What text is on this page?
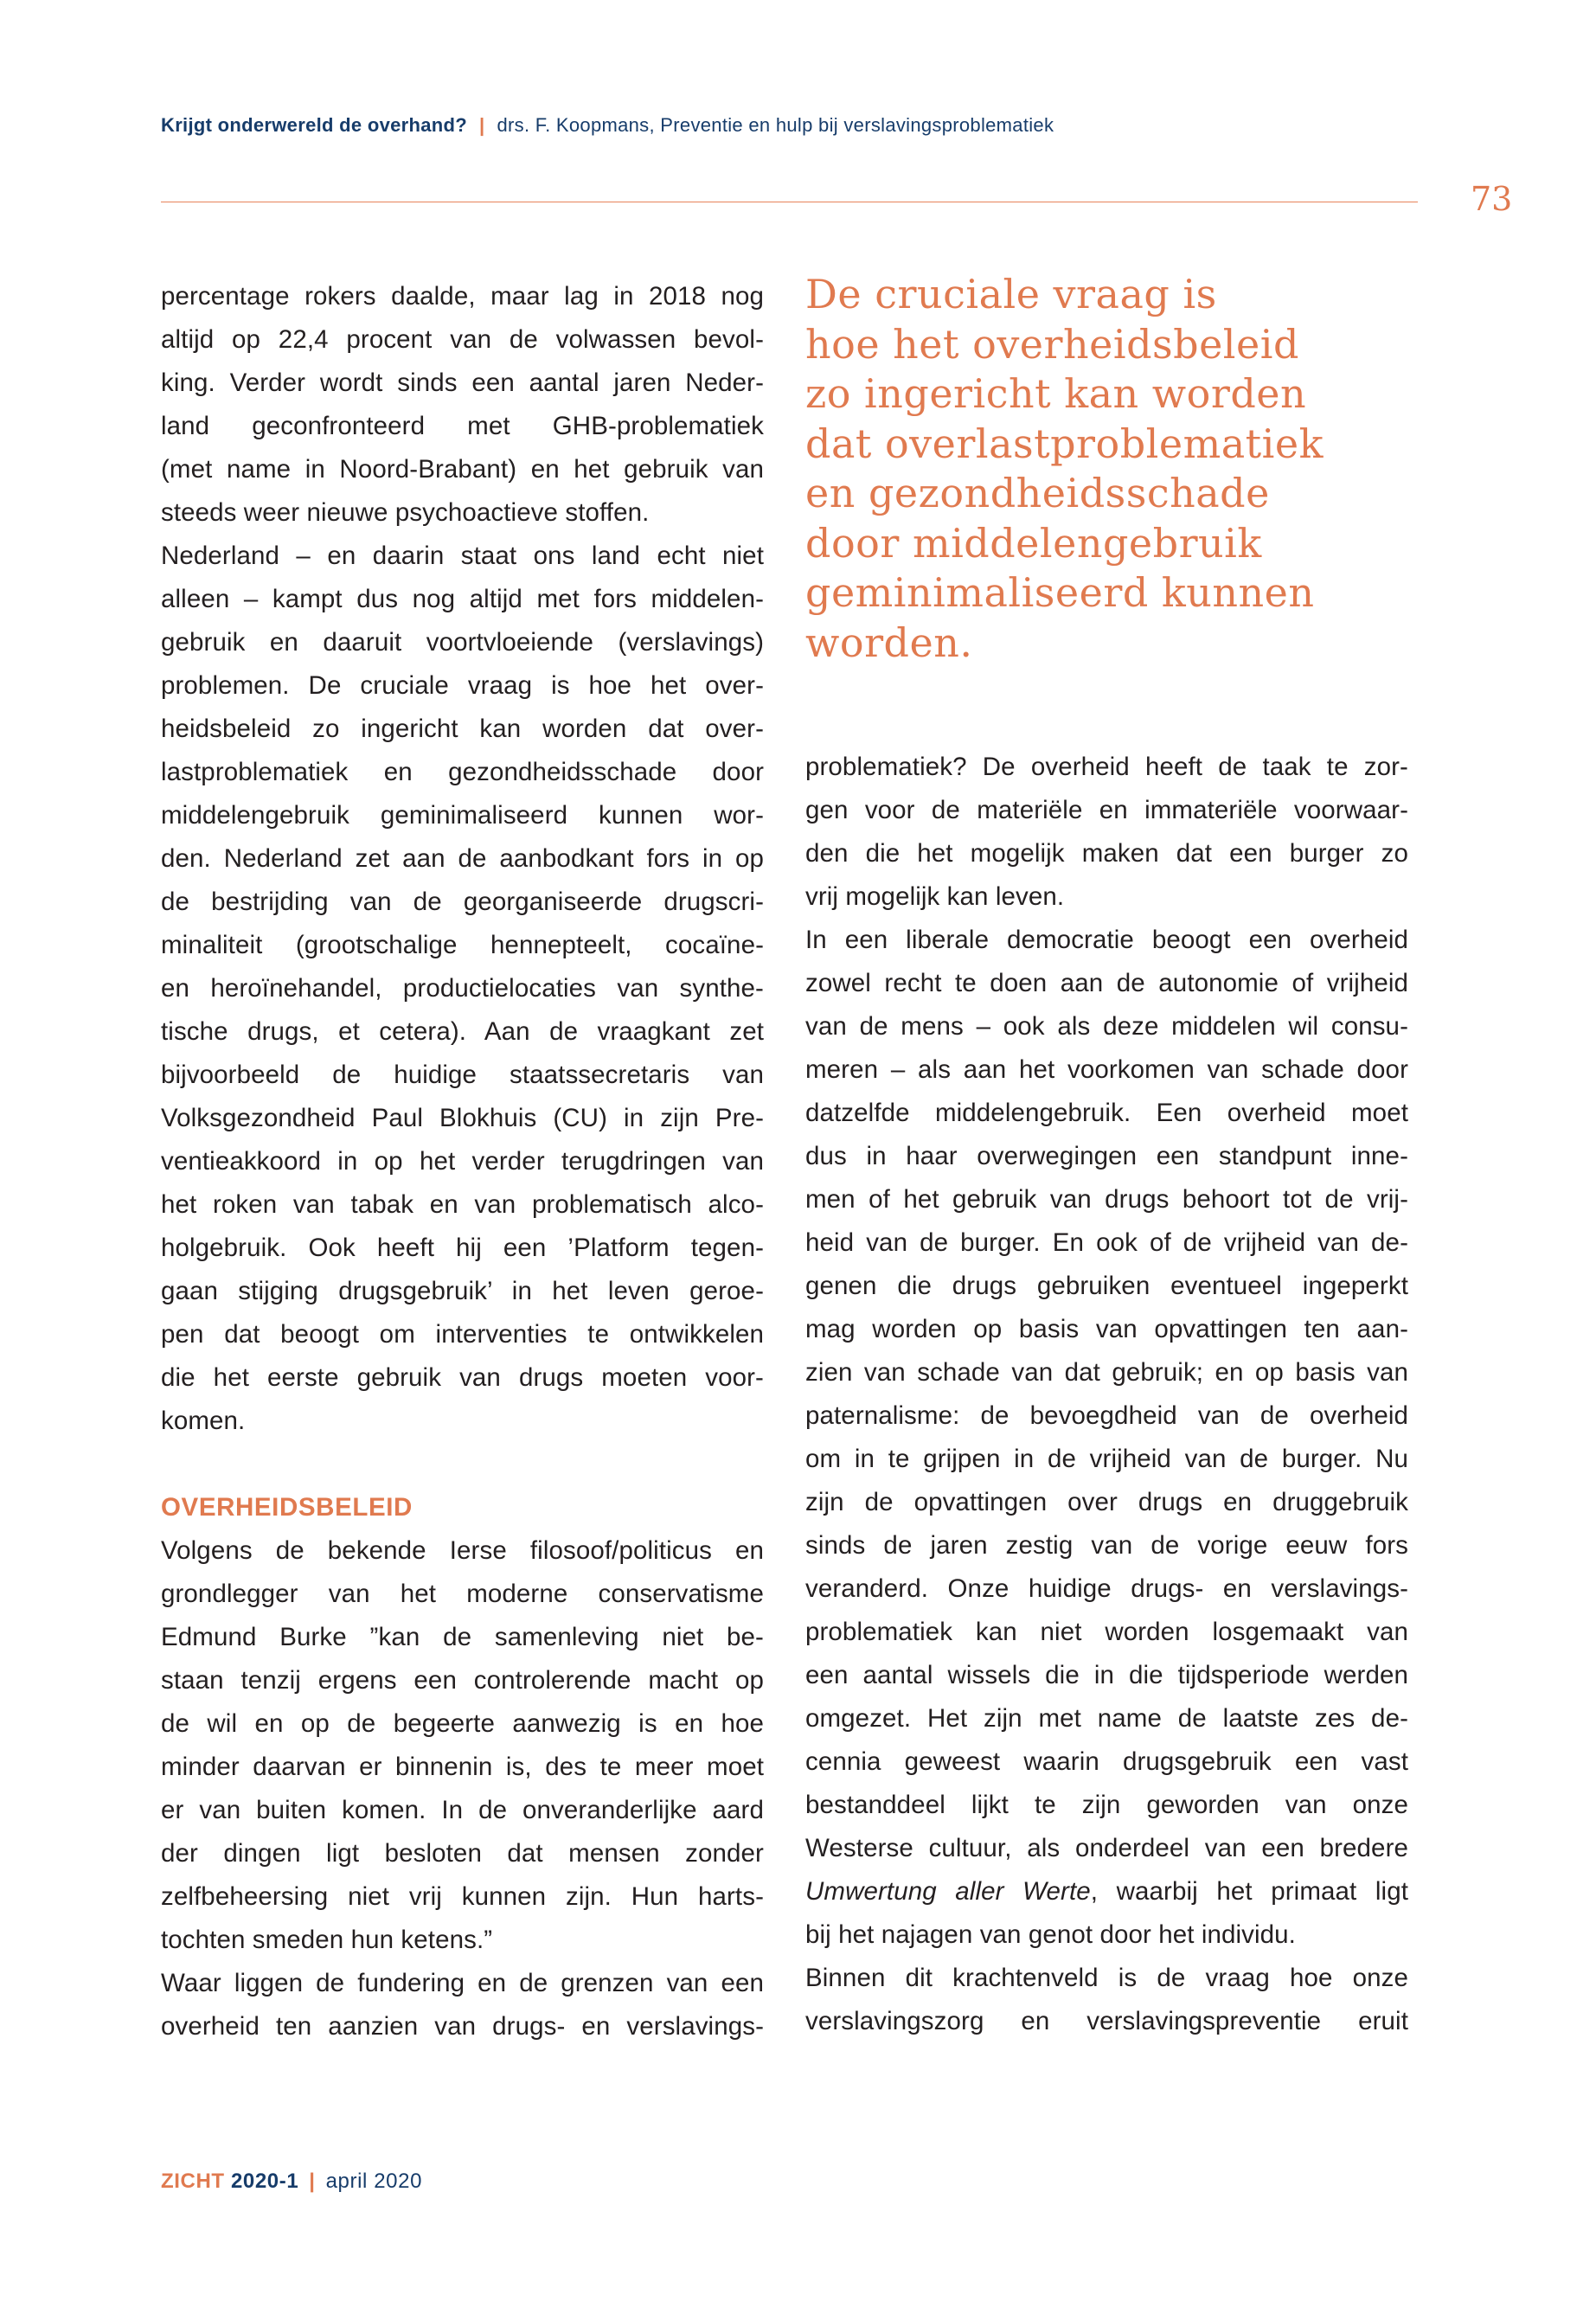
Krijgt onderwereld de overhand? | drs. F. Koopmans, Preventie en hulp bij verslavingsproblematiek
73
percentage rokers daalde, maar lag in 2018 nog
altijd op 22,4 procent van de volwassen bevol-
king. Verder wordt sinds een aantal jaren Neder-
land geconfronteerd met GHB-problematiek
(met name in Noord-Brabant) en het gebruik van
steeds weer nieuwe psychoactieve stoffen.
Nederland – en daarin staat ons land echt niet
alleen – kampt dus nog altijd met fors middelen-
gebruik en daaruit voortvloeiende (verslavings)
problemen. De cruciale vraag is hoe het over-
heidsbeleid zo ingericht kan worden dat over-
lastproblematiek en gezondheidsschade door
middelengebruik geminimaliseerd kunnen wor-
den. Nederland zet aan de aanbodkant fors in op
de bestrijding van de georganiseerde drugscri-
minaliteit (grootschalige hennepteelt, cocaïne-
en heroïnehandel, productielocaties van synthe-
tische drugs, et cetera). Aan de vraagkant zet
bijvoorbeeld de huidige staatssecretaris van
Volksgezondheid Paul Blokhuis (CU) in zijn Pre-
ventieakkoord in op het verder terugdringen van
het roken van tabak en van problematisch alco-
holgebruik. Ook heeft hij een ’Platform tegen-
gaan stijging drugsgebruik’ in het leven geroe-
pen dat beoogt om interventies te ontwikkelen
die het eerste gebruik van drugs moeten voor-
komen.
OVERHEIDSBELEID
Volgens de bekende Ierse filosoof/politicus en
grondlegger van het moderne conservatisme
Edmund Burke ”kan de samenleving niet be-
staan tenzij ergens een controlerende macht op
de wil en op de begeerte aanwezig is en hoe
minder daarvan er binnenin is, des te meer moet
er van buiten komen. In de onveranderlijke aard
der dingen ligt besloten dat mensen zonder
zelfbeheersing niet vrij kunnen zijn. Hun harts-
tochten smeden hun ketens.”
Waar liggen de fundering en de grenzen van een
overheid ten aanzien van drugs- en verslavings-
De cruciale vraag is
hoe het overheidsbeleid
zo ingericht kan worden
dat overlastproblematiek
en gezondheidsschade
door middelengebruik
geminimaliseerd kunnen
worden.
problematiek? De overheid heeft de taak te zor-
gen voor de materiële en immateriële voorwaar-
den die het mogelijk maken dat een burger zo
vrij mogelijk kan leven.
In een liberale democratie beoogt een overheid
zowel recht te doen aan de autonomie of vrijheid
van de mens – ook als deze middelen wil consu-
meren – als aan het voorkomen van schade door
datzelfde middelengebruik. Een overheid moet
dus in haar overwegingen een standpunt inne-
men of het gebruik van drugs behoort tot de vrij-
heid van de burger. En ook of de vrijheid van de-
genen die drugs gebruiken eventueel ingeperkt
mag worden op basis van opvattingen ten aan-
zien van schade van dat gebruik; en op basis van
paternalisme: de bevoegdheid van de overheid
om in te grijpen in de vrijheid van de burger. Nu
zijn de opvattingen over drugs en druggebruik
sinds de jaren zestig van de vorige eeuw fors
veranderd. Onze huidige drugs- en verslavings-
problematiek kan niet worden losgemaakt van
een aantal wissels die in die tijdsperiode werden
omgezet. Het zijn met name de laatste zes de-
cennia geweest waarin drugsgebruik een vast
bestanddeel lijkt te zijn geworden van onze
Westerse cultuur, als onderdeel van een bredere
Umwertung aller Werte, waarbij het primaat ligt
bij het najagen van genot door het individu.
Binnen dit krachtenveld is de vraag hoe onze
verslavingszorg en verslavingspreventie eruit
ZICHT 2020-1 | april 2020
